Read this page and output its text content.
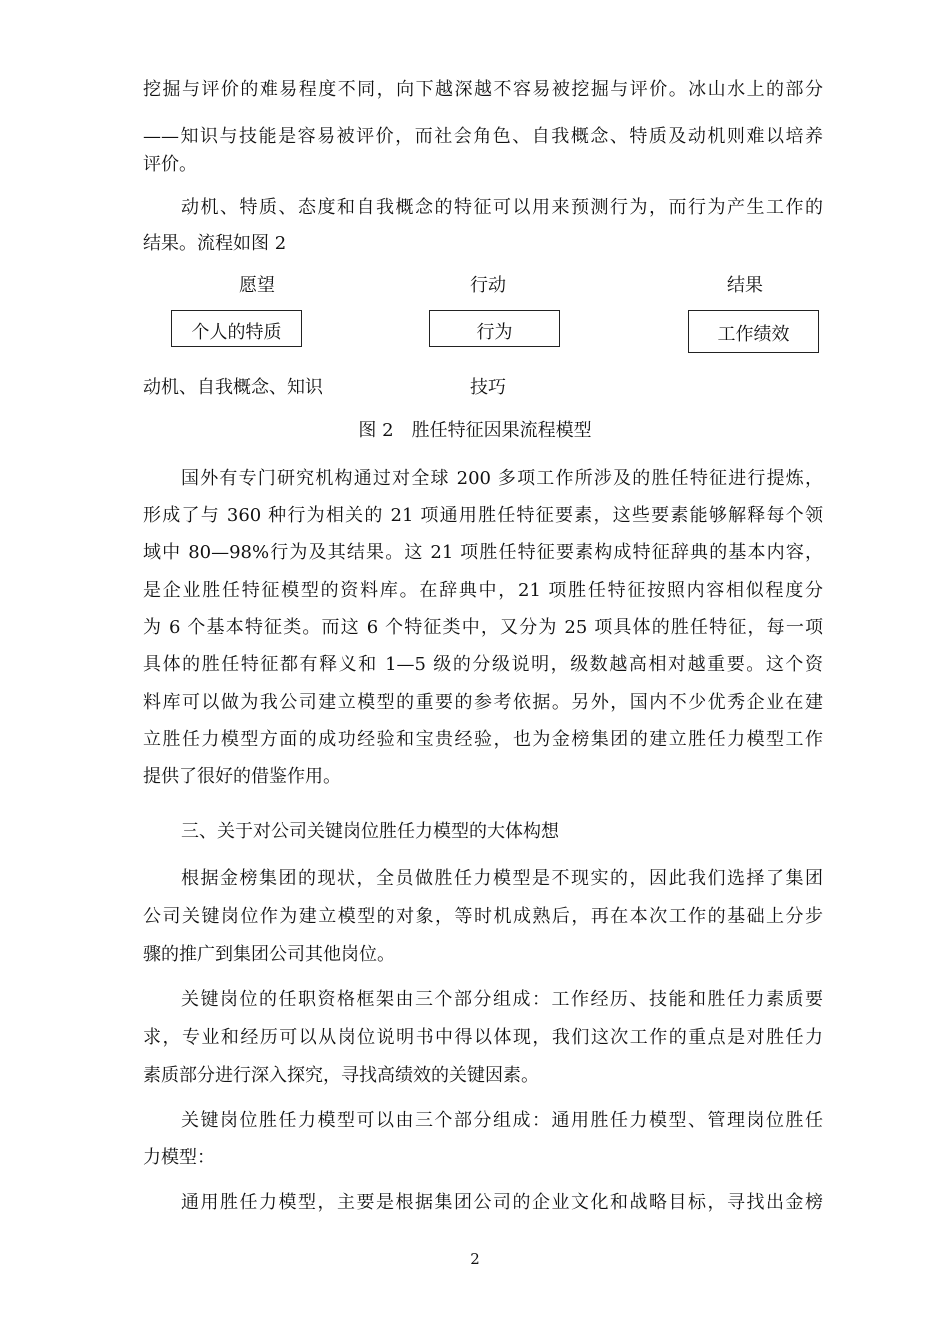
挖掘与评价的难易程度不同，向下越深越不容易被挖掘与评价。冰山水上的部分
——知识与技能是容易被评价，而社会角色、自我概念、特质及动机则难以培养
评价。
动机、特质、态度和自我概念的特征可以用来预测行为，而行为产生工作的
结果。流程如图 2
愿望	行动	结果
个人的特质	行为	工作绩效
动机、自我概念、知识	技巧
图 2　胜任特征因果流程模型
国外有专门研究机构通过对全球 200 多项工作所涉及的胜任特征进行提炼，
形成了与 360 种行为相关的 21 项通用胜任特征要素，这些要素能够解释每个领
域中 80—98%行为及其结果。这 21 项胜任特征要素构成特征辞典的基本内容，
是企业胜任特征模型的资料库。在辞典中，21 项胜任特征按照内容相似程度分
为 6 个基本特征类。而这 6 个特征类中，又分为 25 项具体的胜任特征，每一项
具体的胜任特征都有释义和 1—5 级的分级说明，级数越高相对越重要。这个资
料库可以做为我公司建立模型的重要的参考依据。另外，国内不少优秀企业在建
立胜任力模型方面的成功经验和宝贵经验，也为金榜集团的建立胜任力模型工作
提供了很好的借鉴作用。
三、关于对公司关键岗位胜任力模型的大体构想
根据金榜集团的现状，全员做胜任力模型是不现实的，因此我们选择了集团
公司关键岗位作为建立模型的对象，等时机成熟后，再在本次工作的基础上分步
骤的推广到集团公司其他岗位。
关键岗位的任职资格框架由三个部分组成：工作经历、技能和胜任力素质要
求，专业和经历可以从岗位说明书中得以体现，我们这次工作的重点是对胜任力
素质部分进行深入探究，寻找高绩效的关键因素。
关键岗位胜任力模型可以由三个部分组成：通用胜任力模型、管理岗位胜任
力模型：
通用胜任力模型，主要是根据集团公司的企业文化和战略目标，寻找出金榜
2
